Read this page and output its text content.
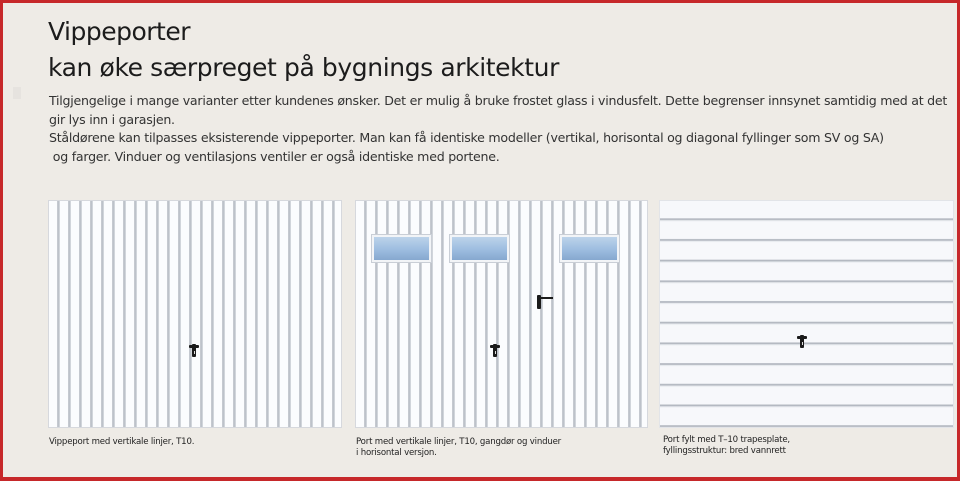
Vippeporter
kan øke særpreget på bygnings arkitektur

Tilgjengelige i mange varianter etter kundenes ønsker. Det er mulig å bruke frostet glass i vindusfelt. Dette begrenser innsynet samtidig med at det

gir lys inn i garasjen.

Ståldørene kan tilpasses eksisterende vippeporter. Man kan få identiske modeller (vertikal, horisontal og diagonal fyllinger som SV og SA)

og farger. Vinduer og ventilasjons ventiler er også identiske med portene.

Vippeport med vertikale linjer, T10.	Port med vertikale linjer, T10, gangdør og vinduer
i horisontal versjon.
Port fylt med T–10 trapesplate,
fyllingsstruktur: bred vannrett
